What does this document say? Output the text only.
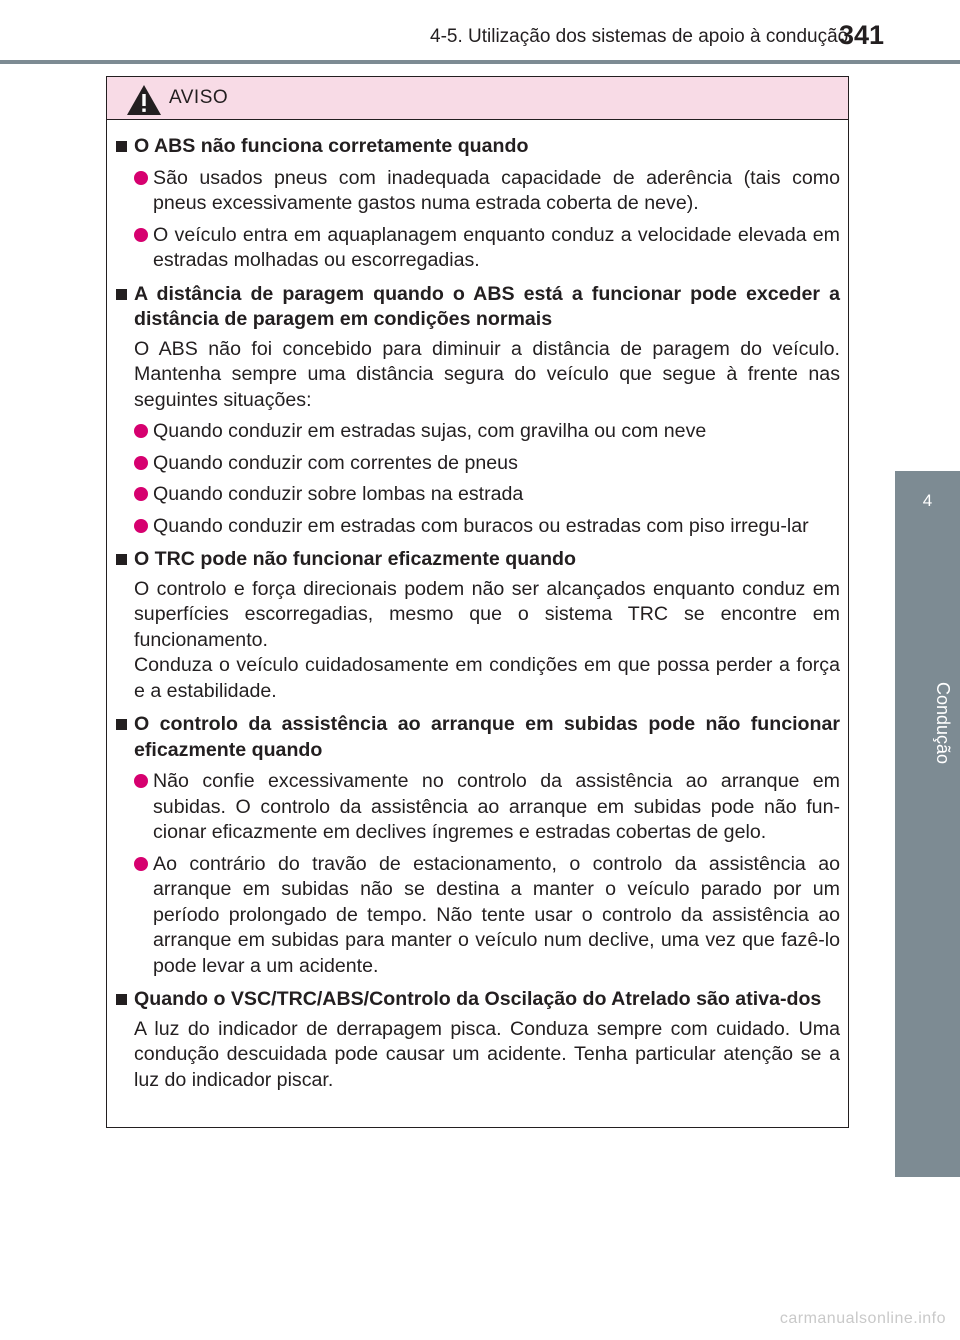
4-5. Utilização dos sistemas de apoio à condução
341
4
Condução
AVISO
O ABS não funciona corretamente quando
São usados pneus com inadequada capacidade de aderência (tais como pneus excessivamente gastos numa estrada coberta de neve).
O veículo entra em aquaplanagem enquanto conduz a velocidade elevada em estradas molhadas ou escorregadias.
A distância de paragem quando o ABS está a funcionar pode exceder a distância de paragem em condições normais
O ABS não foi concebido para diminuir a distância de paragem do veículo. Mantenha sempre uma distância segura do veículo que segue à frente nas seguintes situações:
Quando conduzir em estradas sujas, com gravilha ou com neve
Quando conduzir com correntes de pneus
Quando conduzir sobre lombas na estrada
Quando conduzir em estradas com buracos ou estradas com piso irregu-lar
O TRC pode não funcionar eficazmente quando
O controlo e força direcionais podem não ser alcançados enquanto conduz em superfícies escorregadias, mesmo que o sistema TRC se encontre em funcionamento.
Conduza o veículo cuidadosamente em condições em que possa perder a força e a estabilidade.
O controlo da assistência ao arranque em subidas pode não funcionar eficazmente quando
Não confie excessivamente no controlo da assistência ao arranque em subidas. O controlo da assistência ao arranque em subidas pode não fun-cionar eficazmente em declives íngremes e estradas cobertas de gelo.
Ao contrário do travão de estacionamento, o controlo da assistência ao arranque em subidas não se destina a manter o veículo parado por um período prolongado de tempo. Não tente usar o controlo da assistência ao arranque em subidas para manter o veículo num declive, uma vez que fazê-lo pode levar a um acidente.
Quando o VSC/TRC/ABS/Controlo da Oscilação do Atrelado são ativa-dos
A luz do indicador de derrapagem pisca. Conduza sempre com cuidado. Uma condução descuidada pode causar um acidente. Tenha particular atenção se a luz do indicador piscar.
carmanualsonline.info
